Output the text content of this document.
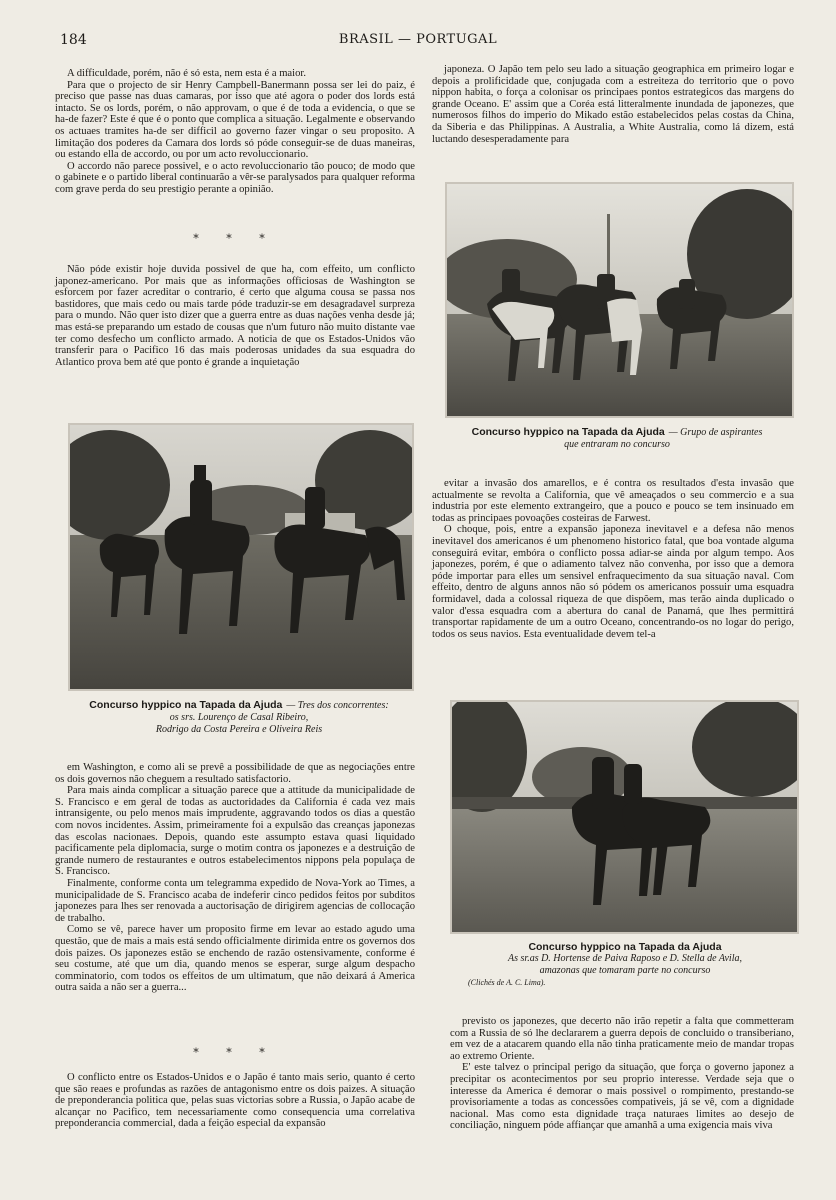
184	BRASIL — PORTUGAL

A difficuldade, porém, não é só esta, nem esta é a maior.

Para que o projecto de sir Henry Campbell-Banermann possa ser lei do paiz, é preciso que passe nas duas camaras, por isso que até agora o poder dos lords está intacto. Se os lords, porém, o não approvam, o que é de toda a evidencia, o que se ha-de fazer? Este é que é o ponto que complica a situação. Legalmente e observando os actuaes tramites ha-de ser difficil ao governo fazer vingar o seu proposito. A limitação dos poderes da Camara dos lords só póde conseguir-se de duas maneiras, ou estando ella de accordo, ou por um acto revoluccionario.

O accordo não parece possivel, e o acto revoluccionario tão pouco; de modo que o gabinete e o partido liberal continuarão a vêr-se paralysados para qualquer reforma com grave perda do seu prestigio perante a opinião.

* * *

Não póde existir hoje duvida possivel de que ha, com effeito, um conflicto japonez-americano. Por mais que as informações officiosas de Washington se esforcem por fazer acreditar o contrario, é certo que alguma cousa se passa nos bastidores, que mais cedo ou mais tarde póde traduzir-se em desagradavel surpreza para o mundo. Não quer isto dizer que a guerra entre as duas nações venha desde já; mas está-se preparando um estado de cousas que n'um futuro não muito distante vae ter como desfecho um conflicto armado. A noticia de que os Estados-Unidos vão transferir para o Pacifico 16 das mais poderosas unidades da sua esquadra do Atlantico prova bem até que ponto é grande a inquietação

Concurso hyppico na Tapada da Ajuda — Tres dos concorrentes:
os srs. Lourenço de Casal Ribeiro,
Rodrigo da Costa Pereira e Oliveira Reis

em Washington, e como ali se prevê a possibilidade de que as negociações entre os dois governos não cheguem a resultado satisfactorio.

Para mais ainda complicar a situação parece que a attitude da municipalidade de S. Francisco e em geral de todas as auctoridades da California é cada vez mais intransigente, ou pelo menos mais imprudente, aggravando todos os dias a questão com novos incidentes. Assim, primeiramente foi a expulsão das creanças japonezas das escolas nacionaes. Depois, quando este assumpto estava quasi liquidado pacificamente pela diplomacia, surge o motim contra os japonezes e a destruição de grande numero de restaurantes e outros estabelecimentos nippons pela populaça de S. Francisco.

Finalmente, conforme conta um telegramma expedido de Nova-York ao Times, a municipalidade de S. Francisco acaba de indeferir cinco pedidos feitos por subditos japonezes para lhes ser renovada a auctorisação de dirigirem agencias de collocação de trabalho.

Como se vê, parece haver um proposito firme em levar ao estado agudo uma questão, que de mais a mais está sendo officialmente dirimida entre os governos dos dois paizes. Os japonezes estão se enchendo de razão ostensivamente, conforme é seu costume, até que um dia, quando menos se esperar, surge algum despacho comminatorio, com todos os effeitos de um ultimatum, que não deixará á America outra saida a não ser a guerra...

* * *

O conflicto entre os Estados-Unidos e o Japão é tanto mais serio, quanto é certo que são reaes e profundas as razões de antagonismo entre os dois paizes. A situação de preponderancia politica que, pelas suas victorias sobre a Russia, o Japão acabe de alcançar no Pacifico, tem necessariamente como consequencia uma correlativa preponderancia commercial, dada a feição especial da expansão

japoneza. O Japão tem pelo seu lado a situação geographica em primeiro logar e depois a prolificidade que, conjugada com a estreiteza do territorio que o povo nippon habita, o força a colonisar os principaes pontos estrategicos das margens do grande Oceano. E' assim que a Coréa está litteralmente inundada de japonezes, que numerosos filhos do imperio do Mikado estão estabelecidos pelas costas da China, da Siberia e das Philippinas. A Australia, a White Australia, como lá dizem, está luctando desesperadamente para

Concurso hyppico na Tapada da Ajuda — Grupo de aspirantes
que entraram no concurso

evitar a invasão dos amarellos, e é contra os resultados d'esta invasão que actualmente se revolta a California, que vê ameaçados o seu commercio e a sua industria por este elemento extrangeiro, que a pouco e pouco se tem insinuado em todas as principaes povoações costeiras de Farwest.

O choque, pois, entre a expansão japoneza inevitavel e a defesa não menos inevitavel dos americanos é um phenomeno historico fatal, que boa vontade alguma conseguirá evitar, embóra o conflicto possa adiar-se ainda por algum tempo. Aos japonezes, porém, é que o adiamento talvez não convenha, por isso que a demora póde importar para elles um sensivel enfraquecimento da sua situação naval. Com effeito, dentro de alguns annos não só pódem os americanos possuir uma esquadra formidavel, dada a colossal riqueza de que dispõem, mas terão ainda duplicado o valor d'essa esquadra com a abertura do canal de Panamá, que lhes permittirá transportar rapidamente de um a outro Oceano, concentrando-os no logar do perigo, todos os seus navios. Esta eventualidade devem tel-a

Concurso hyppico na Tapada da Ajuda
As sr.as D. Hortense de Paiva Raposo e D. Stella de Avila,
amazonas que tomaram parte no concurso
(Clichés de A. C. Lima).

previsto os japonezes, que decerto não irão repetir a falta que commetteram com a Russia de só lhe declararem a guerra depois de concluido o transiberiano, em vez de a atacarem quando ella não tinha praticamente meio de mandar tropas ao extremo Oriente.

E' este talvez o principal perigo da situação, que força o governo japonez a precipitar os acontecimentos por seu proprio interesse. Verdade seja que o interesse da America é demorar o mais possivel o rompimento, prestando-se provisoriamente a todas as concessões compativeis, já se vê, com a dignidade nacional. Mas como esta dignidade traça naturaes limites ao desejo de conciliação, ninguem póde affiançar que amanhã a uma exigencia mais viva
